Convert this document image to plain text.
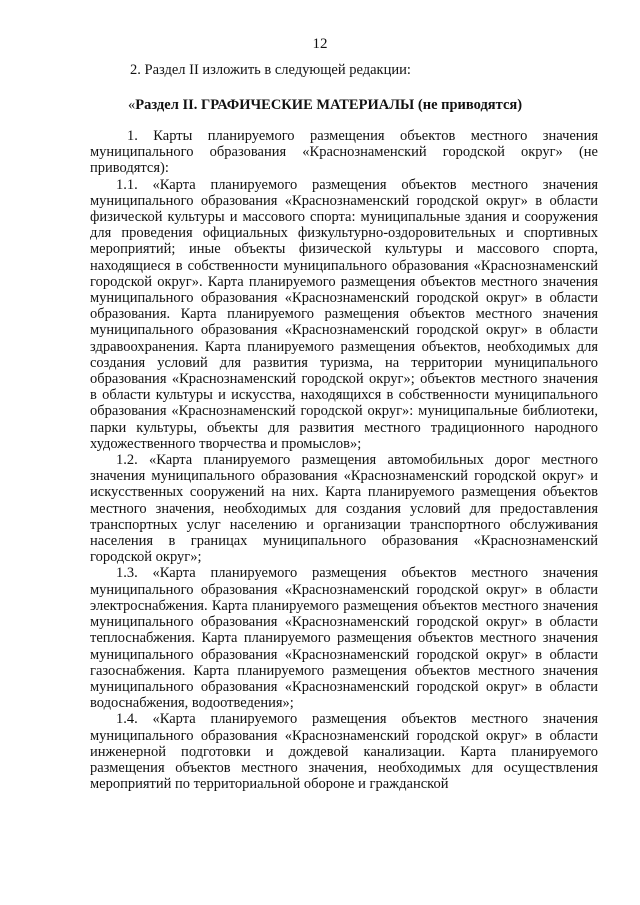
12
2. Раздел II изложить в следующей редакции:
«Раздел II. ГРАФИЧЕСКИЕ МАТЕРИАЛЫ (не приводятся)

1. Карты планируемого размещения объектов местного значения муниципального образования «Краснознаменский городской округ» (не приводятся):

1.1. «Карта планируемого размещения объектов местного значения муниципального образования «Краснознаменский городской округ» в области физической культуры и массового спорта: муниципальные здания и сооружения для проведения официальных физкультурно-оздоровительных и спортивных мероприятий; иные объекты физической культуры и массового спорта, находящиеся в собственности муниципального образования «Краснознаменский городской округ». Карта планируемого размещения объектов местного значения муниципального образования «Краснознаменский городской округ» в области образования. Карта планируемого размещения объектов местного значения муниципального образования «Краснознаменский городской округ» в области здравоохранения. Карта планируемого размещения объектов, необходимых для создания условий для развития туризма, на территории муниципального образования «Краснознаменский городской округ»; объектов местного значения в области культуры и искусства, находящихся в собственности муниципального образования «Краснознаменский городской округ»: муниципальные библиотеки, парки культуры, объекты для развития местного традиционного народного художественного творчества и промыслов»;

1.2. «Карта планируемого размещения автомобильных дорог местного значения муниципального образования «Краснознаменский городской округ» и искусственных сооружений на них. Карта планируемого размещения объектов местного значения, необходимых для создания условий для предоставления транспортных услуг населению и организации транспортного обслуживания населения в границах муниципального образования «Краснознаменский городской округ»;

1.3. «Карта планируемого размещения объектов местного значения муниципального образования «Краснознаменский городской округ» в области электроснабжения. Карта планируемого размещения объектов местного значения муниципального образования «Краснознаменский городской округ» в области теплоснабжения. Карта планируемого размещения объектов местного значения муниципального образования «Краснознаменский городской округ» в области газоснабжения. Карта планируемого размещения объектов местного значения муниципального образования «Краснознаменский городской округ» в области водоснабжения, водоотведения»;

1.4. «Карта планируемого размещения объектов местного значения муниципального образования «Краснознаменский городской округ» в области инженерной подготовки и дождевой канализации. Карта планируемого размещения объектов местного значения, необходимых для осуществления мероприятий по территориальной обороне и гражданской
